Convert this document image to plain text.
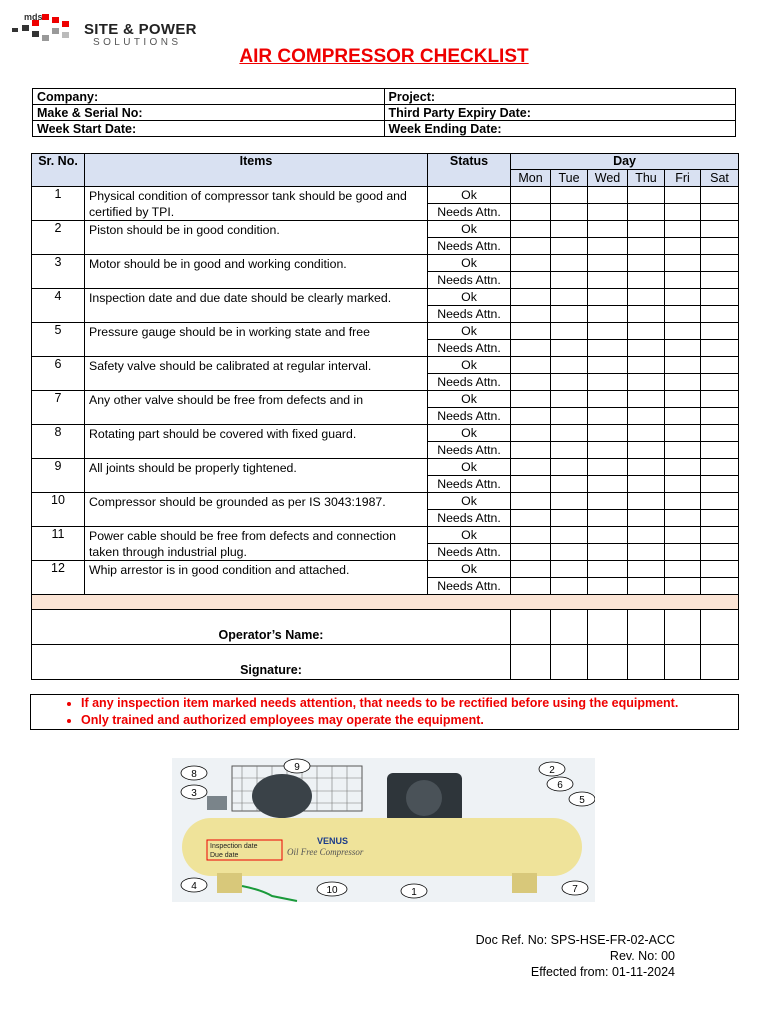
mds
SITE & POWER
SOLUTIONS
AIR COMPRESSOR CHECKLIST
Company:	Project:
Make & Serial No:	Third Party Expiry Date:
Week Start Date:	Week Ending Date:
Sr. No.	Items	Status	Day					
			Mon	Tue	Wed	Thu	Fri	Sat
1	Physical condition of compressor tank should be good and certified by TPI.	Ok						
		Needs Attn.						
2	Piston should be in good condition.	Ok						
		Needs Attn.						
3	Motor should be in good and working condition.	Ok						
		Needs Attn.						
4	Inspection date and due date should be clearly marked.	Ok						
		Needs Attn.						
5	Pressure gauge should be in working state and free	Ok						
		Needs Attn.						
6	Safety valve should be calibrated at regular interval.	Ok						
		Needs Attn.						
7	Any other valve should be free from defects and in	Ok						
		Needs Attn.						
8	Rotating part should be covered with fixed guard.	Ok						
		Needs Attn.						
9	All joints should be properly tightened.	Ok						
		Needs Attn.						
10	Compressor should be grounded as per IS 3043:1987.	Ok						
		Needs Attn.						
11	Power cable should be free from defects and connection taken through industrial plug.	Ok						
		Needs Attn.						
12	Whip arrestor is in good condition and attached.	Ok						
		Needs Attn.						

Operator’s Name:								
Signature:								
• If any inspection item marked needs attention, that needs to be rectified before using the equipment.
• Only trained and authorized employees may operate the equipment.
Inspection date
Due date
VENUS
Oil Free Compressor
1
2
3
4
5
6
7
8
9
10
Doc Ref. No: SPS-HSE-FR-02-ACC
Rev. No: 00
Effected from: 01-11-2024
